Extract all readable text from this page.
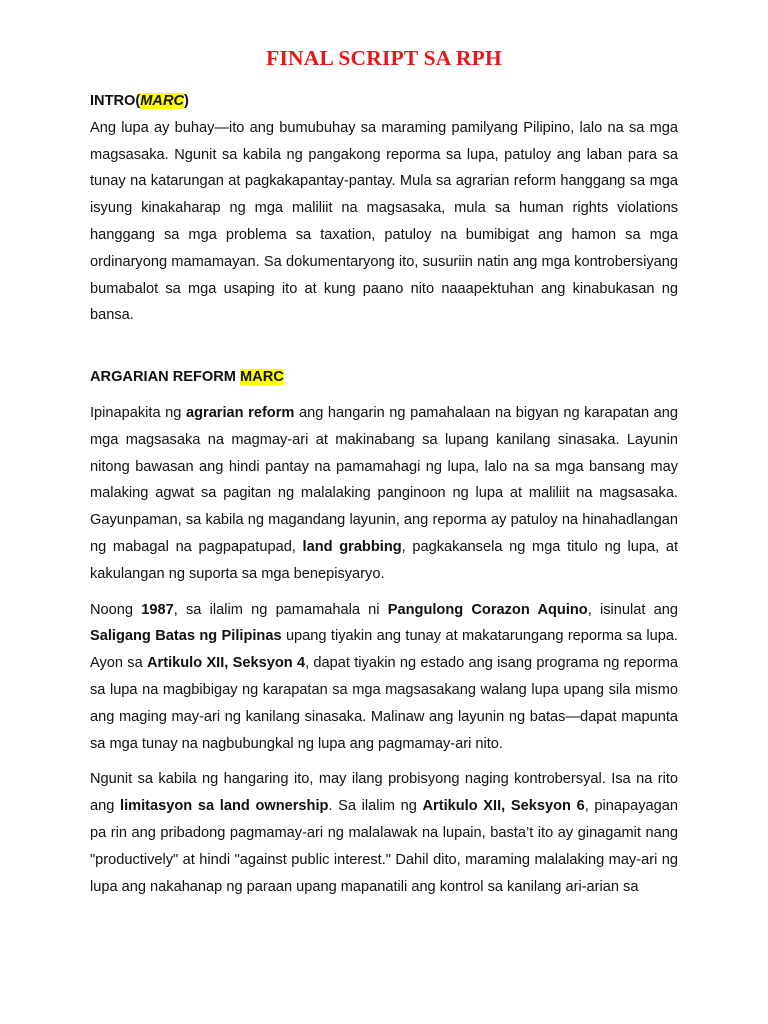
FINAL SCRIPT SA RPH

INTRO(MARC)

Ang lupa ay buhay—ito ang bumubuhay sa maraming pamilyang Pilipino, lalo na sa mga magsasaka. Ngunit sa kabila ng pangakong reporma sa lupa, patuloy ang laban para sa tunay na katarungan at pagkakapantay-pantay. Mula sa agrarian reform hanggang sa mga isyung kinakaharap ng mga maliliit na magsasaka, mula sa human rights violations hanggang sa mga problema sa taxation, patuloy na bumibigat ang hamon sa mga ordinaryong mamamayan. Sa dokumentaryong ito, susuriin natin ang mga kontrobersiyang bumabalot sa mga usaping ito at kung paano nito naaapektuhan ang kinabukasan ng bansa.

ARGARIAN REFORM MARC

Ipinapakita ng agrarian reform ang hangarin ng pamahalaan na bigyan ng karapatan ang mga magsasaka na magmay-ari at makinabang sa lupang kanilang sinasaka. Layunin nitong bawasan ang hindi pantay na pamamahagi ng lupa, lalo na sa mga bansang may malaking agwat sa pagitan ng malalaking panginoon ng lupa at maliliit na magsasaka. Gayunpaman, sa kabila ng magandang layunin, ang reporma ay patuloy na hinahadlangan ng mabagal na pagpapatupad, land grabbing, pagkakansela ng mga titulo ng lupa, at kakulangan ng suporta sa mga benepisyaryo.

Noong 1987, sa ilalim ng pamamahala ni Pangulong Corazon Aquino, isinulat ang Saligang Batas ng Pilipinas upang tiyakin ang tunay at makatarungang reporma sa lupa. Ayon sa Artikulo XII, Seksyon 4, dapat tiyakin ng estado ang isang programa ng reporma sa lupa na magbibigay ng karapatan sa mga magsasakang walang lupa upang sila mismo ang maging may-ari ng kanilang sinasaka. Malinaw ang layunin ng batas—dapat mapunta sa mga tunay na nagbubungkal ng lupa ang pagmamay-ari nito.

Ngunit sa kabila ng hangaring ito, may ilang probisyong naging kontrobersyal. Isa na rito ang limitasyon sa land ownership. Sa ilalim ng Artikulo XII, Seksyon 6, pinapayagan pa rin ang pribadong pagmamay-ari ng malalawak na lupain, basta’t ito ay ginagamit nang "productively" at hindi "against public interest." Dahil dito, maraming malalaking may-ari ng lupa ang nakahanap ng paraan upang mapanatili ang kontrol sa kanilang ari-arian sa
